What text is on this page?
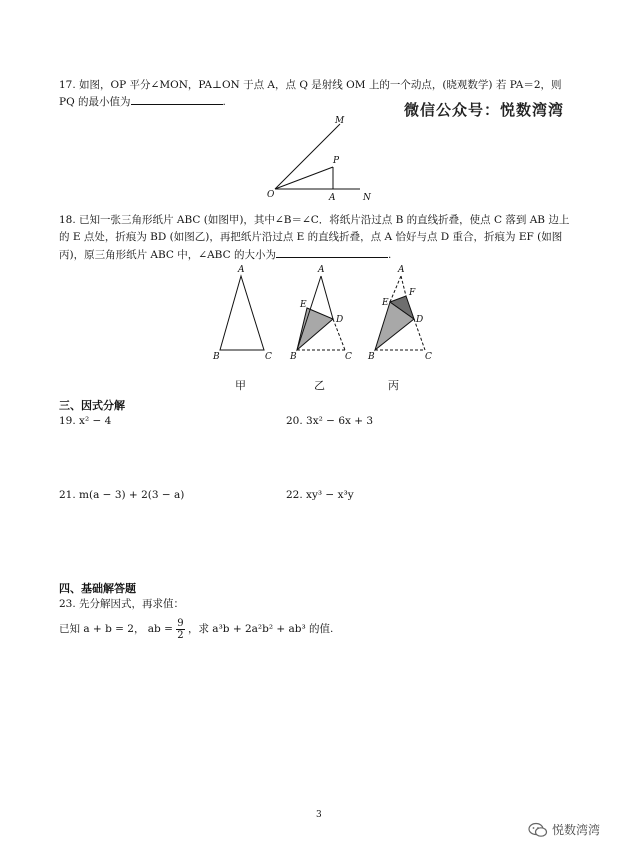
17. 如图，OP 平分∠MON，PA⊥ON 于点 A，点 Q 是射线 OM 上的一个动点，(晓观数学) 若 PA＝2，则
PQ 的最小值为	.	微信公众号：悦数湾湾
M
P
O	A	N
18. 已知一张三角形纸片 ABC (如图甲)，其中∠B＝∠C．将纸片沿过点 B 的直线折叠，使点 C 落到 AB 边上
的 E 点处，折痕为 BD (如图乙)，再把纸片沿过点 E 的直线折叠，点 A 恰好与点 D 重合，折痕为 EF (如图
丙)，原三角形纸片 ABC 中，∠ABC 的大小为	.
A
B	C
A
E
D
B	C
A
F
E
D
B	C
甲	乙	丙
三、因式分解
19. x² − 4	20. 3x² − 6x + 3
21. m(a − 3) + 2(3 − a)	22. xy³ − x³y
四、基础解答题
23. 先分解因式，再求值：
已知 a + b = 2， ab = $\frac{9}{2}$ ，求 a³b + 2a²b² + ab³ 的值.
3
悦数湾湾
